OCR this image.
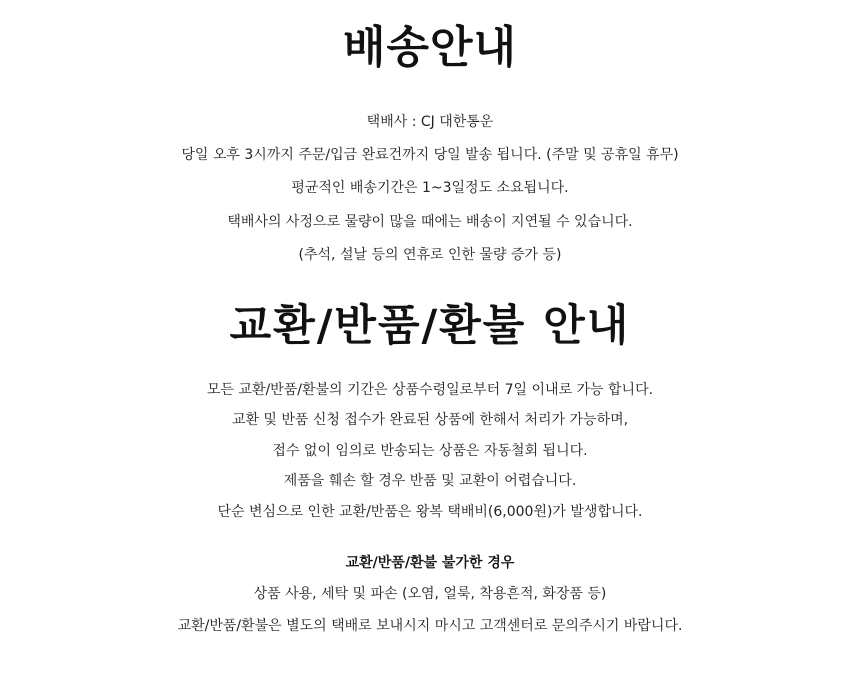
배송안내
택배사 : CJ 대한통운
당일 오후 3시까지 주문/입금 완료건까지 당일 발송 됩니다. (주말 및 공휴일 휴무)
평균적인 배송기간은 1~3일정도 소요됩니다.
택배사의 사정으로 물량이 많을 때에는 배송이 지연될 수 있습니다.
(추석, 설날 등의 연휴로 인한 물량 증가 등)
교환/반품/환불 안내
모든 교환/반품/환불의 기간은 상품수령일로부터 7일 이내로 가능 합니다.
교환 및 반품 신청 접수가 완료된 상품에 한해서 처리가 가능하며,
접수 없이 임의로 반송되는 상품은 자동철회 됩니다.
제품을 훼손 할 경우 반품 및 교환이 어렵습니다.
단순 변심으로 인한 교환/반품은 왕복 택배비(6,000원)가 발생합니다.
교환/반품/환불 불가한 경우
상품 사용, 세탁 및 파손 (오염, 얼룩, 착용흔적, 화장품 등)
교환/반품/환불은 별도의 택배로 보내시지 마시고 고객센터로 문의주시기 바랍니다.
